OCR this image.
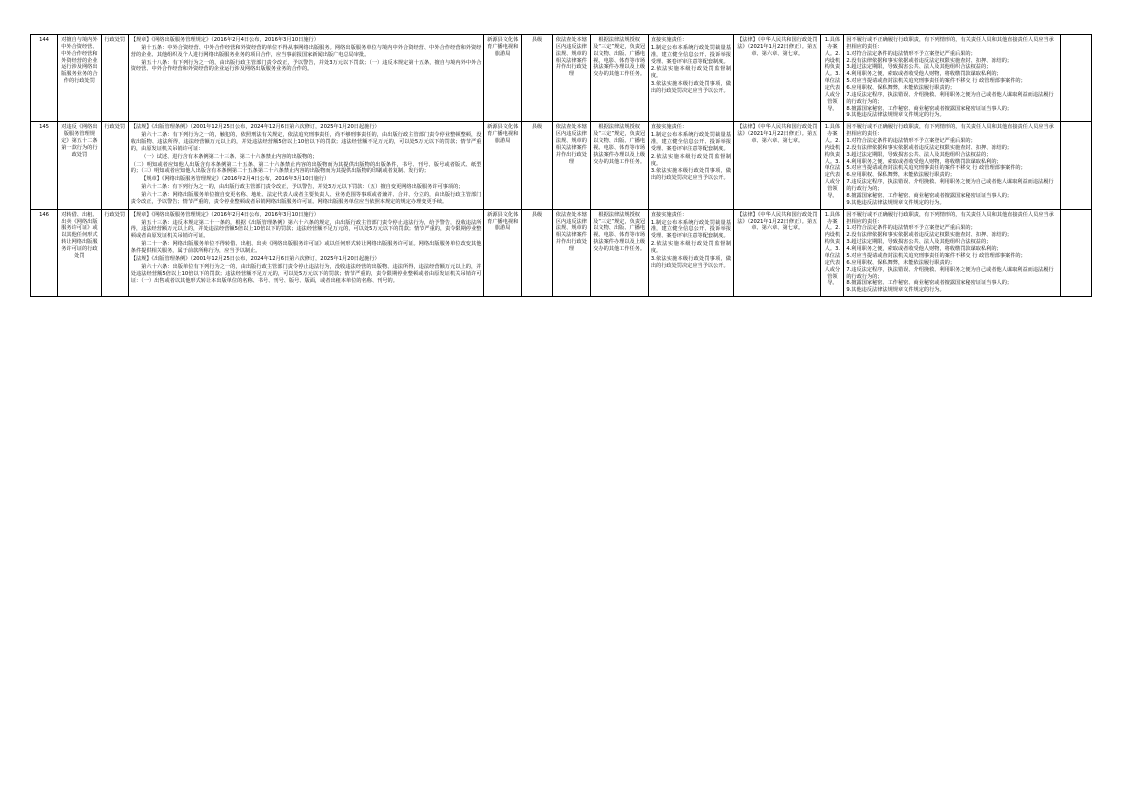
144	对擅自与境内外中外合资经营、中外合作经营和外资经营的企业运行涉及网络出版服务业务的合作的行政处罚	行政处罚	【规章】《网络出版服务管理规定》（2016年2月4日公布，2016年3月10日施行）

第十五条：中外合资经营、中外合作经营和外资经营的单位不得从事网络出版服务。网络出版服务单位与境内中外合资经营、中外合作经营和外资经营的企业、其他组织及个人进行网络出版服务业务的项目合作，应当事前报国家新闻出版广电总局审批。

第五十八条：有下列行为之一的，由出版行政主管部门责令改正，予以警告，并处3万元以下罚款；（一）违反本规定第十五条，擅自与境内外中外合资经营、中外合作经营和外资经营的企业运行涉及网络出版服务业务的合作的。

	新源县文化体育广播电视和旅游局	县级	依法查处本辖区内违反法律法规、规章的相关法律案件并作出行政处理	根据法律法规授权及“三定”规定，负责冠以文物、出版、广播电视、电影、体育等市场执法案件办理以及上级交办的其他工作任务。	

直接实施责任：

1.制定公布本系统行政处罚裁量基准，建立健全信息公开、投诉举报受理、案卷评审注意等配套制度。

2.依法实施本级行政处罚监督制度。

3.依法实施本级行政处罚事项，做出的行政处罚决定应当予以公开。

	【法律】《中华人民共和国行政处罚法》（2021年1月22日修正）。第五章、第六章、第七章。	1.具体办案人。2.内设机构负责人。3.单位法定代表人或分管领导。	
因不履行或不正确履行行政职责，有下列情形的，有关责任人员和其他直接责任人员应当承担相应的责任：
1.对符合法定条件的违法情形不予立案登记严重后果的；
2.没有法律依据和事实依据或者违反法定权限实施查封、扣押、冻结的；
3.超过法定期限，导致损害公共、法人及其他组织合法权益的；
4.利用职务之便，索取或者收受他人财物，将收缴罚款谋取私利的；
5.对应当提请或查封法机关追究刑事责任的案件不移交 行 政管理部事案件的；
6.应用职权、保私舞弊，未能依法履行职责的；
7.违反法定程序，执法错误、介绍挽救、利用职务之便为自己或者他人谋取利益而违法履行的行政行为的；
8.擅露国家秘密、工作秘密、商业秘密或者擅露国家秘密证证当事人的；
9.其他违反法律法规规章文件规定的行为。

145	对违反《网络出版服务管理规定》第五十二条第一款行为的行政处罚	行政处罚	【法规】《出版管理条例》（2001年12月25日公布，2024年12月6日第六次修订，2025年1月20日起施行）

第六十二条：有下列行为之一的，触犯的，依照刑法有关规定，依法追究刑事责任，尚不够刑事责任的，由出版行政主管部门责令停业整顿整顿，没收出版物、违法所得，违法经营额万元以上的，并处违法经营额5倍以上10倍以下的罚款；违法经营额不足万元的，可以处5万元以下的罚款；情节严重的，由原发证机关吊销许可证：

（一）试述、进行含有本条例第二十三条、第二十六条禁止内容的出版物的；

（二）明知或者应知他人出版含有本条例第二十五条、第二十六条禁止内容的出版物而为其提供出版物的出版条件，书号、刊号、版号或者版式、纸型的；（三）明知或者应知他人出版含有本条例第二十五条第二十六条禁止内容的出版物而为其提供出版物的印刷或者复制、发行的；

【规章】《网络出版服务管理规定》（2016年2月4日公布，2016年3月10日施行）

第六十二条：有下列行为之一的，由出版行政主管部门责令改正，予以警告，并处3万元以下罚款：（五）擅自变更网络出版服务许可事项的；

第六十二条：网络出版服务单位擅自变更名称、地址、法定代表人或者主要负责人、业务范围等事项或者兼并、合并、分立的，由出版行政主管部门责令改正，予以警告；情节严重的，责令停业整顿或者吊销网络出版服务许可证。网络出版服务单位应当依照本规定的规定办理变更手续。

	新源县文化体育广播电视和旅游局	县级	依法查处本辖区内违反法律法规、规章的相关法律案件并作出行政处理	根据法律法规授权及“三定”规定，负责冠以文物、出版、广播电视、电影、体育等市场执法案件办理以及上级交办的其他工作任务。	

直接实施责任：

1.制定公布本系统行政处罚裁量基准，建立健全信息公开、投诉举报受理、案卷评审注意等配套制度。

2.依法实施本级行政处罚监督制度。

3.依法实施本级行政处罚事项，做出的行政处罚决定应当予以公开。

	【法律】《中华人民共和国行政处罚法》（2021年1月22日修正）。第五章、第六章、第七章。	1.具体办案人。2.内设机构负责人。3.单位法定代表人或分管领导。	
因不履行或不正确履行行政职责，有下列情形的，有关责任人员和其他直接责任人员应当承担相应的责任：
1.对符合法定条件的违法情形不予立案登记严重后果的；
2.没有法律依据和事实依据或者违反法定权限实施查封、扣押、冻结的；
3.超过法定期限，导致损害公共、法人及其他组织合法权益的；
4.利用职务之便，索取或者收受他人财物，将收缴罚款谋取私利的；
5.对应当提请或查封法机关追究刑事责任的案件不移交 行 政管理部事案件的；
6.应用职权、保私舞弊，未能依法履行职责的；
7.违反法定程序，执法错误、介绍挽救、利用职务之便为自己或者他人谋取利益而违法履行的行政行为的；
8.擅露国家秘密、工作秘密、商业秘密或者擅露国家秘密证证当事人的；
9.其他违反法律法规规章文件规定的行为。

146	对转借、出租、出卖《网络出版服务许可证》或以其他任何形式转让网络出版服务许可证的行政处罚	行政处罚	【规章】《网络出版服务管理规定》（2016年2月4日公布，2016年3月10日施行）

第五十三条：违反本规定第二十一条的，根据《出版管理条例》第六十六条的规定，由出版行政主管部门责令停止违法行为，给予警告，没收违法所得，违法经营额万元以上的，并处违法经营额5倍以上10倍以下的罚款；违法经营额不足万元的，可以处5万元以下的罚款；情节严重的，责令限期停业整顿或者由原发证机关吊销许可证。

第二十一条：网络出版服务单位不得转借、出租、出卖《网络出版服务许可证》或以任何形式转让网络出版服务许可证。网络出版服务单位改变其他条件提供相关服务，属于前款所称行为，应当予以制止。

【法规】《出版管理条例》（2001年12月25日公布，2024年12月6日第六次修订，2025年1月20日起施行）

第六十六条：出版单位有下列行为之一的，由出版行政主管部门责令停止违法行为，没收违法经营的出版物、违法所得，违法经营额万元以上的，并处违法经营额5倍以上10倍以下的罚款；违法经营额不足万元的，可以处5万元以下的罚款；情节严重的，责令限期停业整顿或者由原发证机关吊销许可证：（一）出售或者以其他形式转让本出版单位的名称、书号、刊号、版号、版面，或者出租本单位的名称、刊号的。

	新源县文化体育广播电视和旅游局	县级	依法查处本辖区内违反法律法规、规章的相关法律案件并作出行政处理	根据法律法规授权及“三定”规定，负责冠以文物、出版、广播电视、电影、体育等市场执法案件办理以及上级交办的其他工作任务。	

直接实施责任：

1.制定公布本系统行政处罚裁量基准，建立健全信息公开、投诉举报受理、案卷评审注意等配套制度。

2.依法实施本级行政处罚监督制度。

3.依法实施本级行政处罚事项，做出的行政处罚决定应当予以公开。

	【法律】《中华人民共和国行政处罚法》（2021年1月22日修正）。第五章、第六章、第七章。	1.具体办案人。2.内设机构负责人。3.单位法定代表人或分管领导。	
因不履行或不正确履行行政职责，有下列情形的，有关责任人员和其他直接责任人员应当承担相应的责任：
1.对符合法定条件的违法情形不予立案登记严重后果的；
2.没有法律依据和事实依据或者违反法定权限实施查封、扣押、冻结的；
3.超过法定期限，导致损害公共、法人及其他组织合法权益的；
4.利用职务之便，索取或者收受他人财物，将收缴罚款谋取私利的；
5.对应当提请或查封法机关追究刑事责任的案件不移交 行 政管理部事案件的；
6.应用职权、保私舞弊，未能依法履行职责的；
7.违反法定程序，执法错误、介绍挽救、利用职务之便为自己或者他人谋取利益而违法履行的行政行为的；
8.擅露国家秘密、工作秘密、商业秘密或者擅露国家秘密证证当事人的；
9.其他违反法律法规规章文件规定的行为。
